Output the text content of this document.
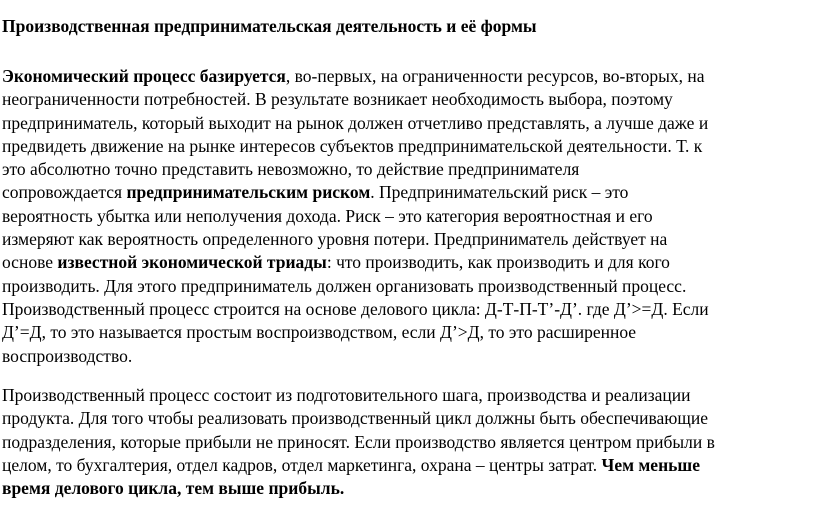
Производственная предпринимательская деятельность и её формы
Экономический процесс базируется, во-первых, на ограниченности ресурсов, во-вторых, на
неограниченности потребностей. В результате возникает необходимость выбора, поэтому
предприниматель, который выходит на рынок должен отчетливо представлять, а лучше даже и
предвидеть движение на рынке интересов субъектов предпринимательской деятельности. Т. к
это абсолютно точно представить невозможно, то действие предпринимателя
сопровождается предпринимательским риском. Предпринимательский риск – это
вероятность убытка или неполучения дохода. Риск – это категория вероятностная и его
измеряют как вероятность определенного уровня потери. Предприниматель действует на
основе известной экономической триады: что производить, как производить и для кого
производить. Для этого предприниматель должен организовать производственный процесс.
Производственный процесс строится на основе делового цикла: Д-Т-П-Т’-Д’. где Д’>=Д. Если
Д’=Д, то это называется простым воспроизводством, если Д’>Д, то это расширенное
воспроизводство.
Производственный процесс состоит из подготовительного шага, производства и реализации
продукта. Для того чтобы реализовать производственный цикл должны быть обеспечивающие
подразделения, которые прибыли не приносят. Если производство является центром прибыли в
целом, то бухгалтерия, отдел кадров, отдел маркетинга, охрана – центры затрат. Чем меньше
время делового цикла, тем выше прибыль.
